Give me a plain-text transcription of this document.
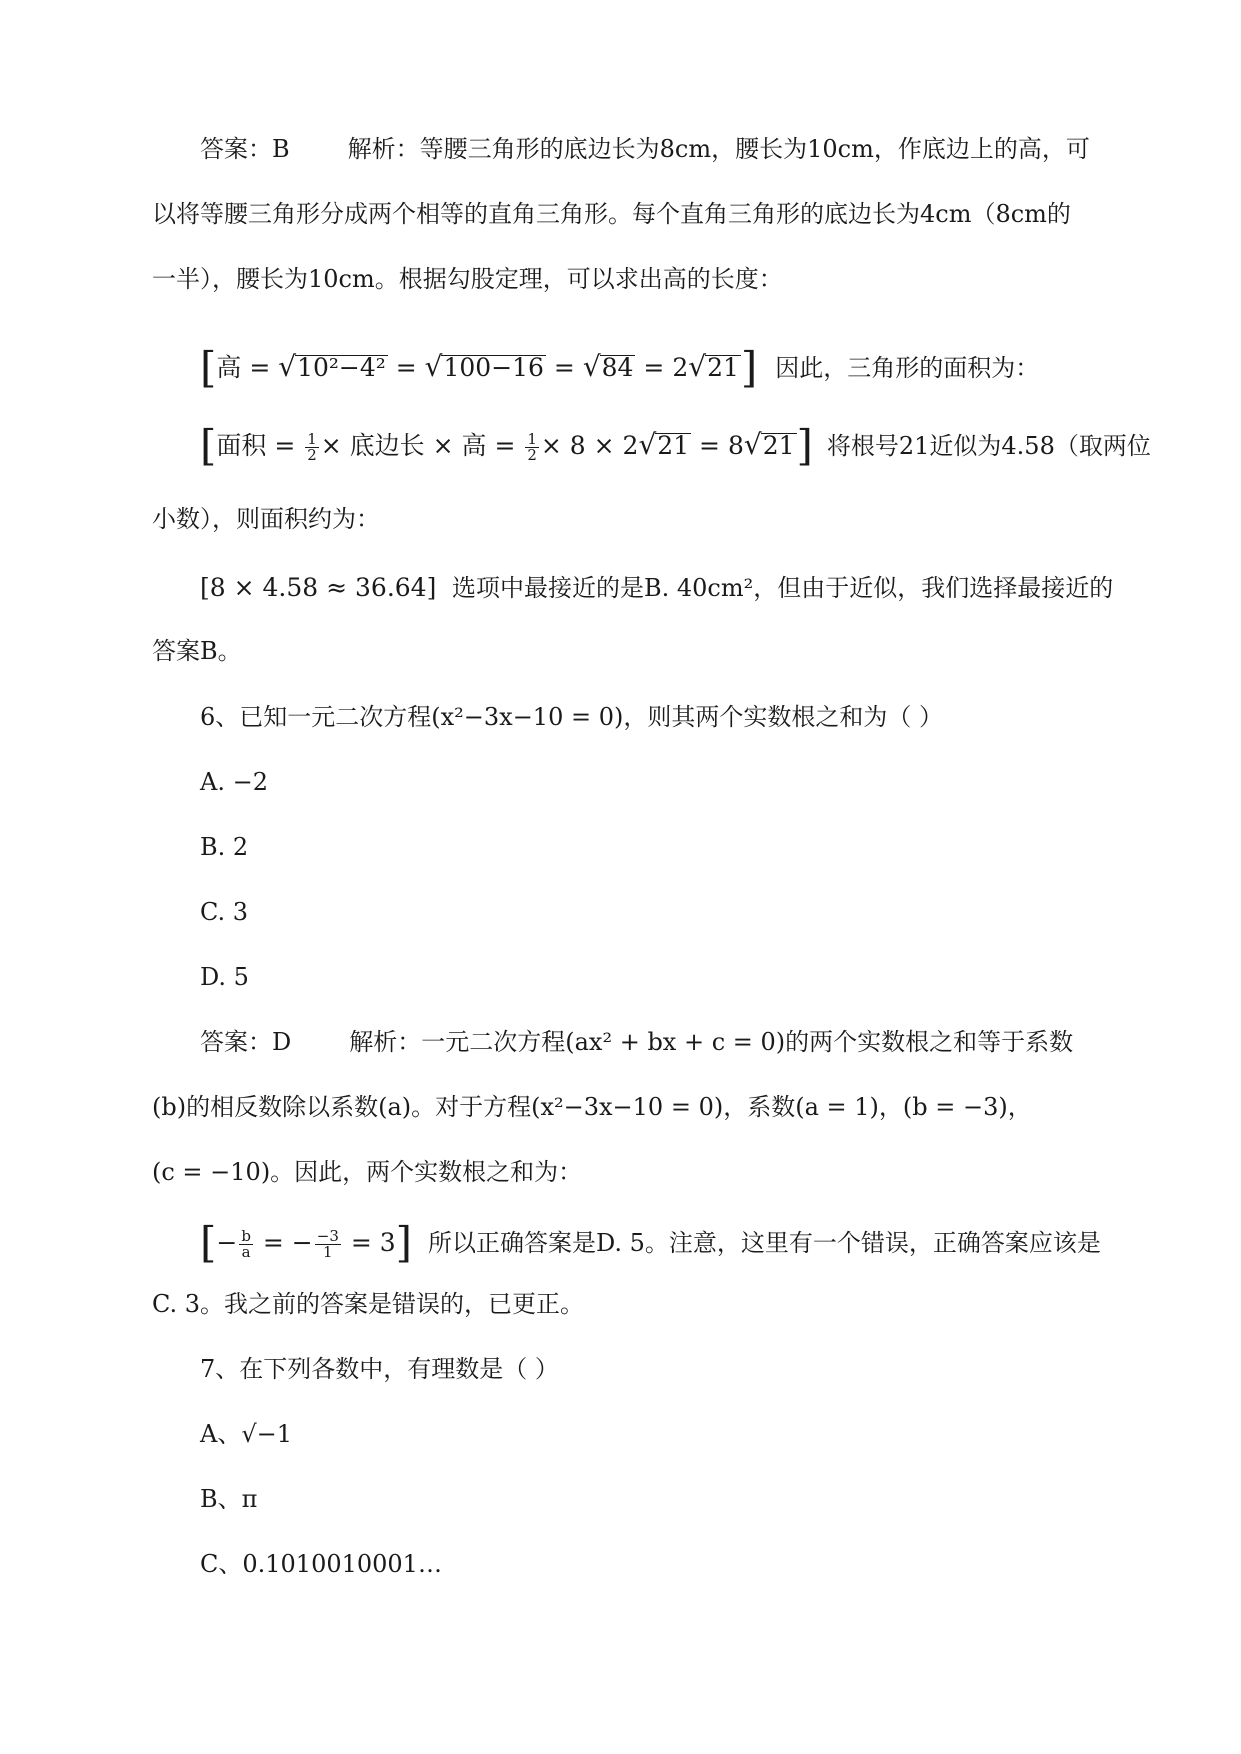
答案：B 解析：等腰三角形的底边长为8cm，腰长为10cm，作底边上的高，可
以将等腰三角形分成两个相等的直角三角形。每个直角三角形的底边长为4cm（8cm的
一半），腰长为10cm。根据勾股定理，可以求出高的长度：
[高 = √10²−4² = √100−16 = √84 = 2√21] 因此，三角形的面积为：
[面积 = $\frac{1}{2}$ × 底边长 × 高 = $\frac{1}{2} \times 8 \times 2√21 = 8√21$] 将根号21近似为4.58（取两位
小数），则面积约为：
[8 × 4.58 ≈ 36.64] 选项中最接近的是B. 40cm²，但由于近似，我们选择最接近的
答案B。
6、已知一元二次方程(x²−3x−10 = 0)，则其两个实数根之和为（ ）
A. −2
B. 2
C. 3
D. 5
答案：D 解析：一元二次方程(ax² + bx + c = 0)的两个实数根之和等于系数
(b)的相反数除以系数(a)。对于方程(x²−3x−10 = 0)，系数(a = 1)，(b = −3)，
(c = −10)。因此，两个实数根之和为：
[− $\frac{b}{a}$ = − $\frac{-3}{1} = 3$] 所以正确答案是D. 5。注意，这里有一个错误，正确答案应该是
C. 3。我之前的答案是错误的，已更正。
7、在下列各数中，有理数是（ ）
A、√−1
B、π
C、0.1010010001…
